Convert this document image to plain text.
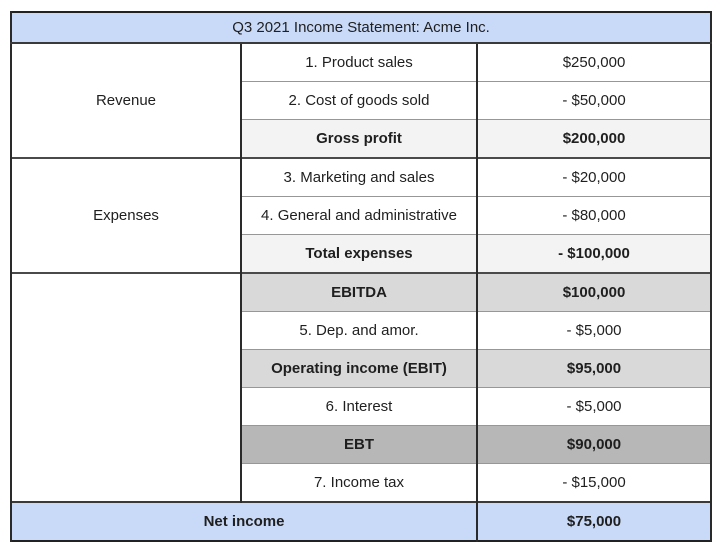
Q3 2021 Income Statement: Acme Inc.		
Revenue	1. Product sales	$250,000
	2. Cost of goods sold	- $50,000
	Gross profit	$200,000
Expenses	3. Marketing and sales	- $20,000
	4. General and administrative	- $80,000
	Total expenses	- $100,000
	EBITDA	$100,000
	5. Dep. and amor.	- $5,000
	Operating income (EBIT)	$95,000
	6. Interest	- $5,000
	EBT	$90,000
	7. Income tax	- $15,000
Net income		$75,000
